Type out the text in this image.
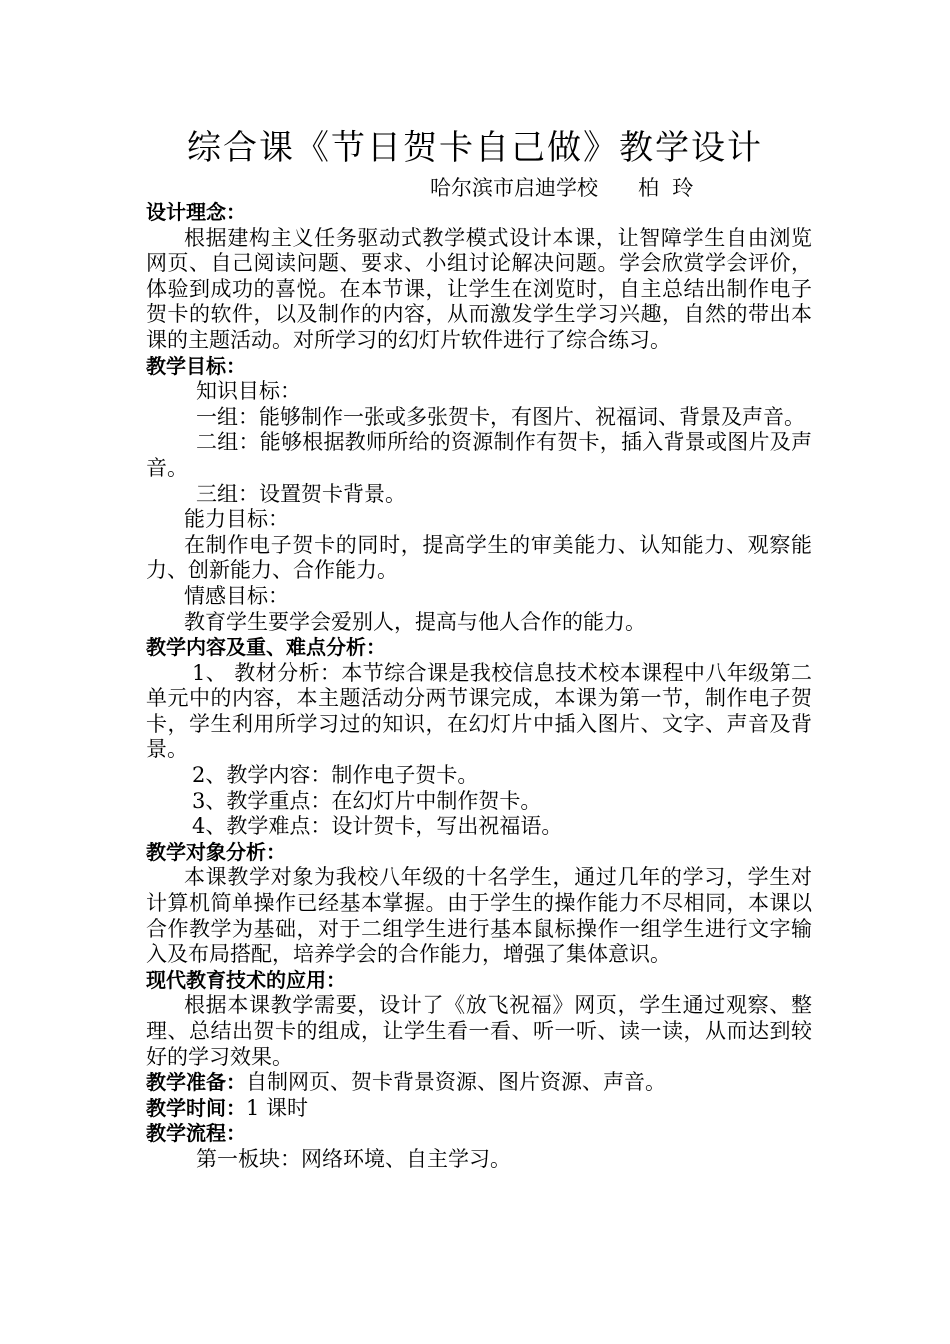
综合课《节日贺卡自己做》教学设计
哈尔滨市启迪学校      柏  玲

设计理念：

根据建构主义任务驱动式教学模式设计本课，让智障学生自由浏览网页、自己阅读问题、要求、小组讨论解决问题。学会欣赏学会评价，体验到成功的喜悦。在本节课，让学生在浏览时，自主总结出制作电子贺卡的软件，以及制作的内容，从而激发学生学习兴趣，自然的带出本课的主题活动。对所学习的幻灯片软件进行了综合练习。

教学目标：

知识目标：

一组：能够制作一张或多张贺卡，有图片、祝福词、背景及声音。

二组：能够根据教师所给的资源制作有贺卡，插入背景或图片及声音。

三组：设置贺卡背景。

能力目标：

在制作电子贺卡的同时，提高学生的审美能力、认知能力、观察能力、创新能力、合作能力。

情感目标：

教育学生要学会爱别人，提高与他人合作的能力。

教学内容及重、难点分析：

1、 教材分析：本节综合课是我校信息技术校本课程中八年级第二单元中的内容，本主题活动分两节课完成，本课为第一节，制作电子贺卡，学生利用所学习过的知识，在幻灯片中插入图片、文字、声音及背景。

2、教学内容：制作电子贺卡。

3、教学重点：在幻灯片中制作贺卡。

4、教学难点：设计贺卡，写出祝福语。

教学对象分析：

本课教学对象为我校八年级的十名学生，通过几年的学习，学生对计算机简单操作已经基本掌握。由于学生的操作能力不尽相同，本课以合作教学为基础，对于二组学生进行基本鼠标操作一组学生进行文字输入及布局搭配，培养学会的合作能力，增强了集体意识。

现代教育技术的应用：

根据本课教学需要，设计了《放飞祝福》网页，学生通过观察、整理、总结出贺卡的组成，让学生看一看、听一听、读一读，从而达到较好的学习效果。

教学准备：自制网页、贺卡背景资源、图片资源、声音。

教学时间：1 课时

教学流程：

第一板块：网络环境、自主学习。
